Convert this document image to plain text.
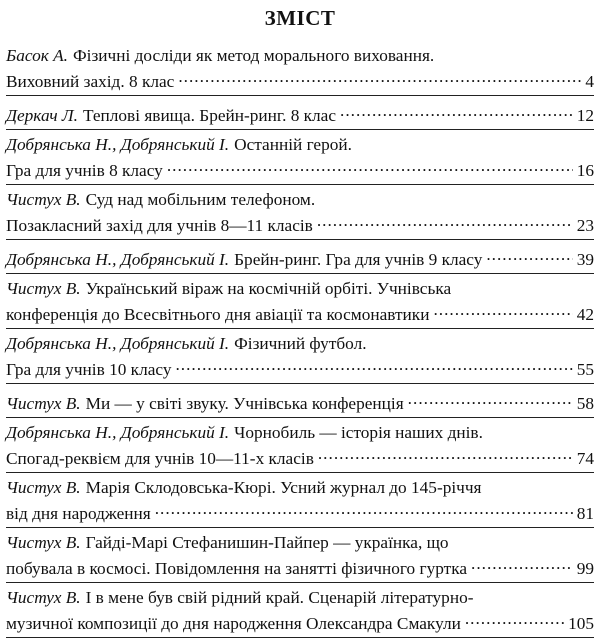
ЗМІСТ
Басок А. Фізичні досліди як метод морального виховання.
Виховний захід. 8 клас .....	4
Деркач Л. Теплові явища. Брейн-ринг. 8 клас .....	12
Добрянська Н., Добрянський І. Останній герой.
Гра для учнів 8 класу .....	16
Чистух В. Суд над мобільним телефоном.
Позакласний захід для учнів 8—11 класів .....	23
Добрянська Н., Добрянський І. Брейн-ринг. Гра для учнів 9 класу .....	39
Чистух В. Український віраж на космічній орбіті. Учнівська
конференція до Всесвітнього дня авіації та космонавтики .....	42
Добрянська Н., Добрянський І. Фізичний футбол.
Гра для учнів 10 класу .....	55
Чистух В. Ми — у світі звуку. Учнівська конференція .....	58
Добрянська Н., Добрянський І. Чорнобиль — історія наших днів.
Спогад-реквієм для учнів 10—11-х класів .....	74
Чистух В. Марія Склодовська-Кюрі. Усний журнал до 145-річчя
від дня народження .....	81
Чистух В. Гайді-Марі Стефанишин-Пайпер — українка, що
побувала в космосі. Повідомлення на занятті фізичного гуртка .....	99
Чистух В. І в мене був свій рідний край. Сценарій літературно-
музичної композиції до дня народження Олександра Смакули .....	105
